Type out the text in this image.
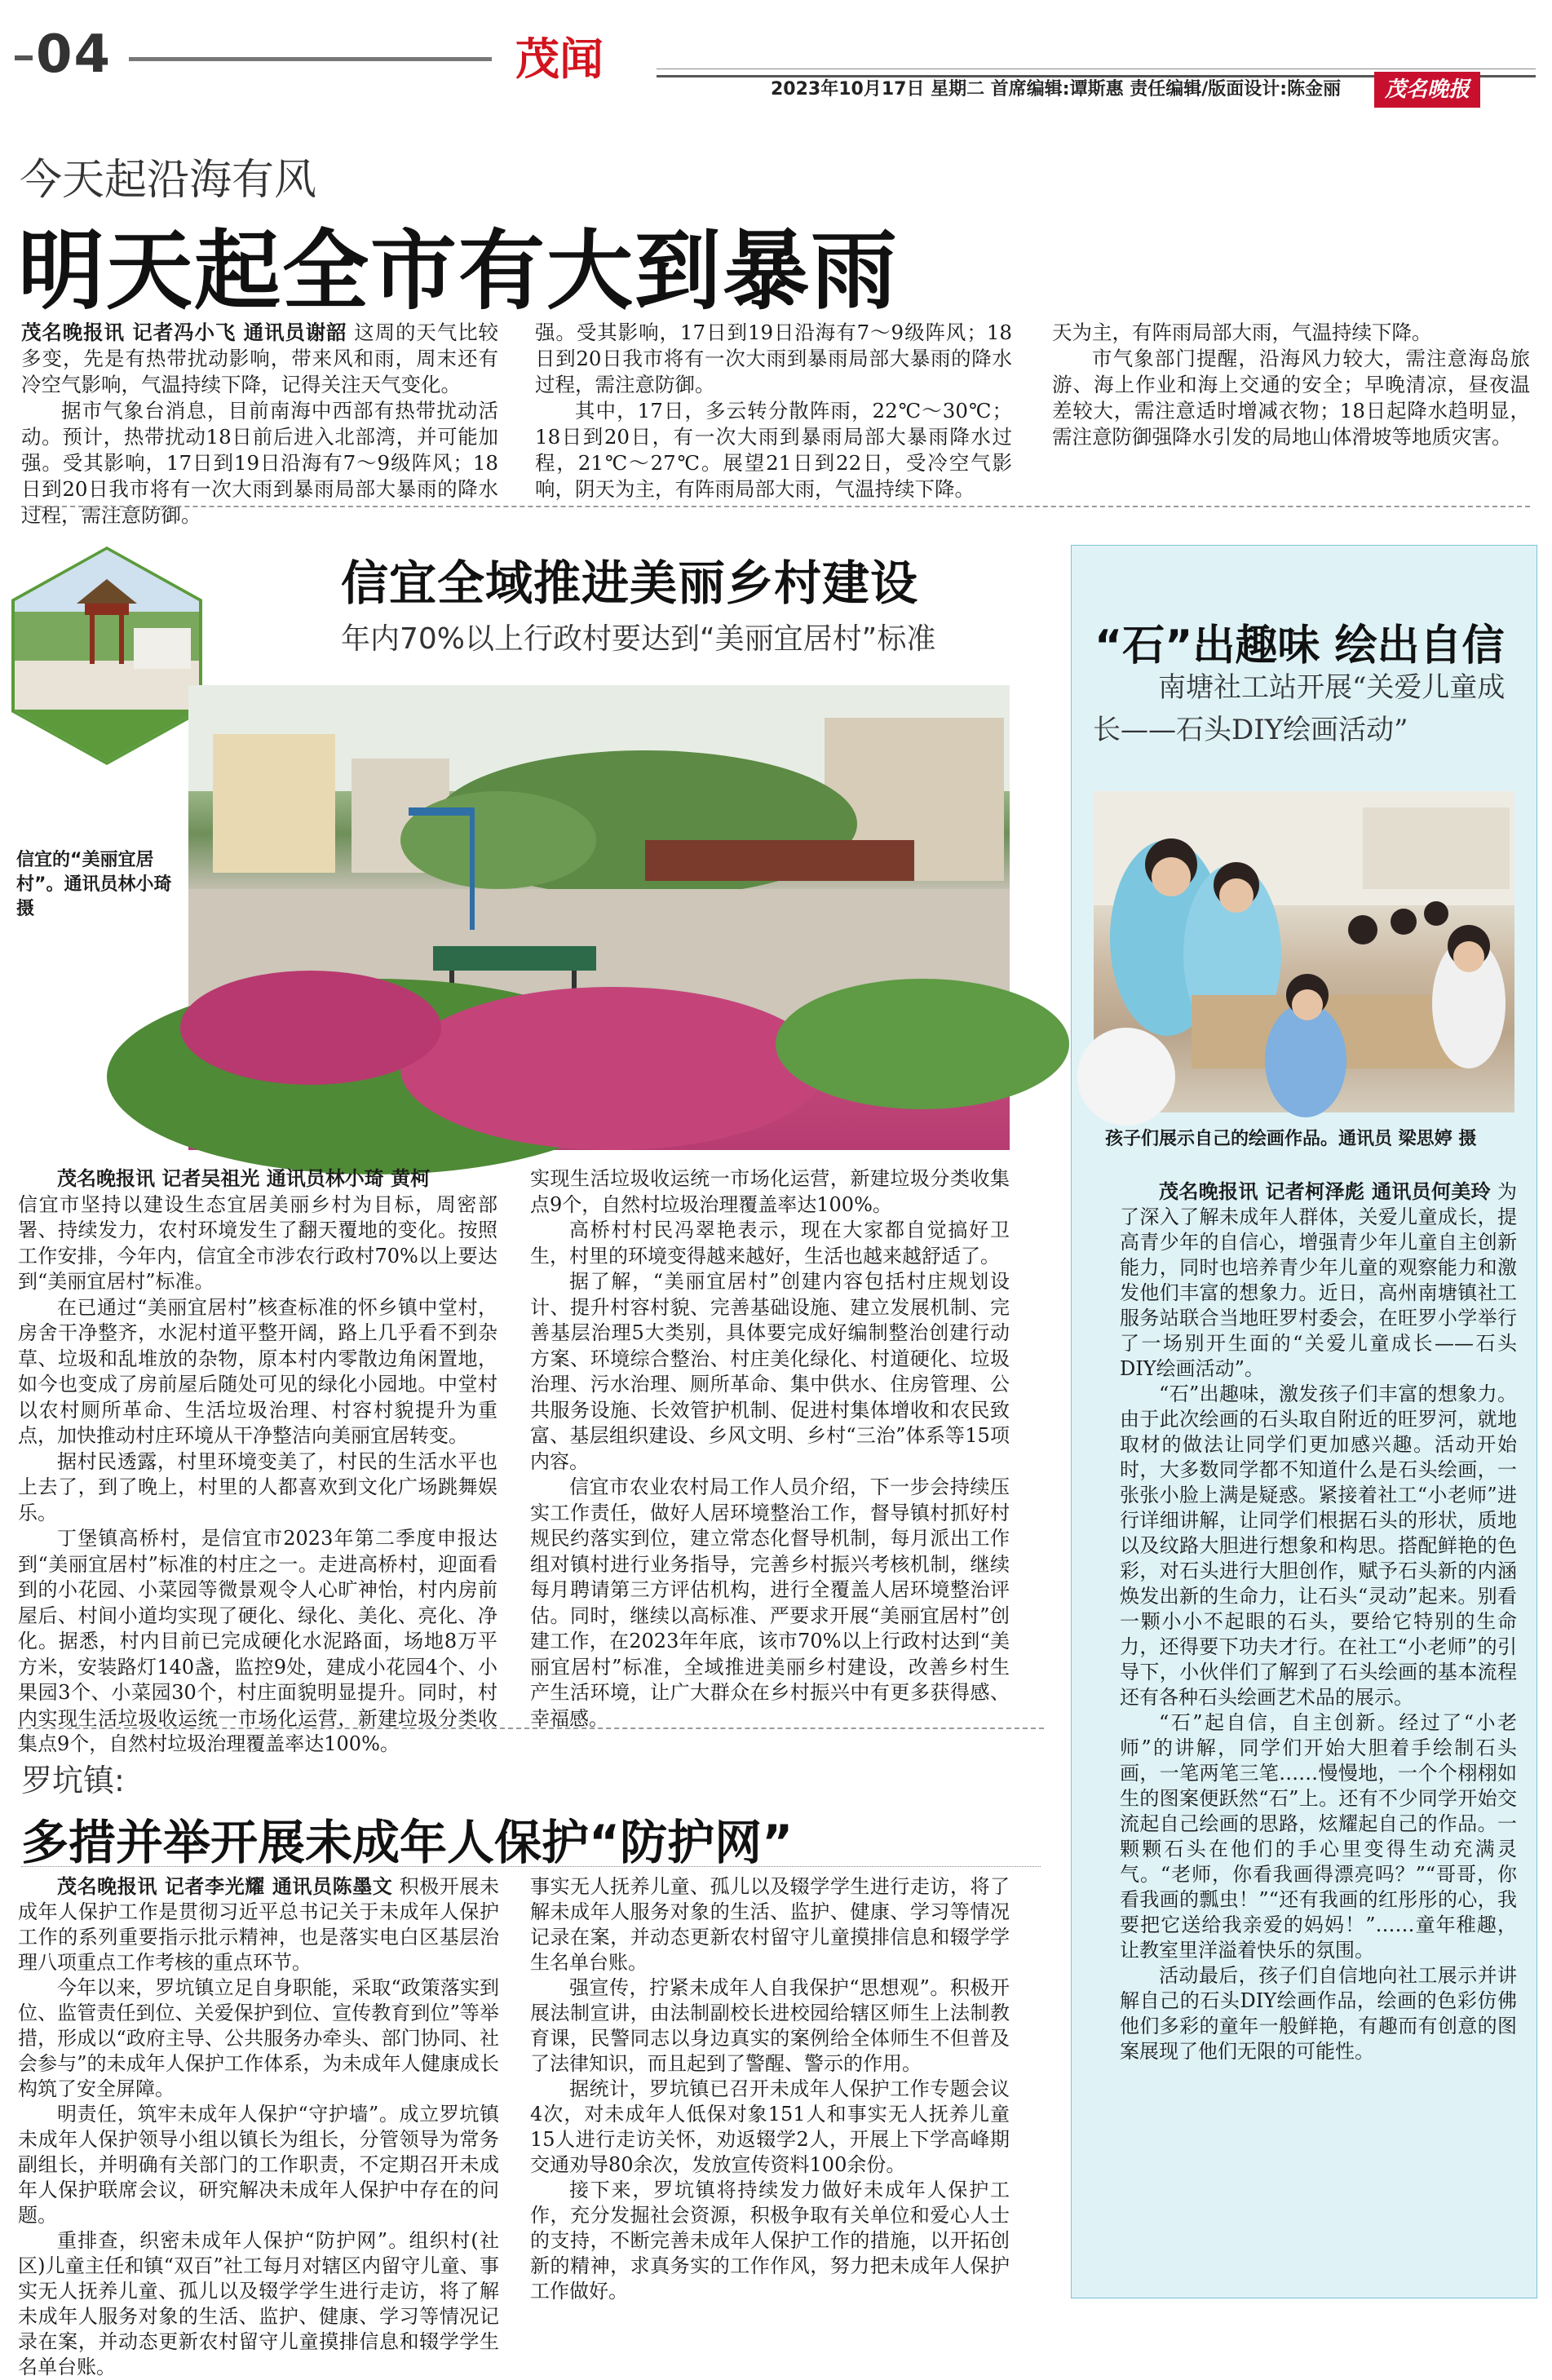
04	茂闻
2023年10月17日 星期二 首席编辑:谭斯惠 责任编辑/版面设计:陈金丽	茂名晚报
今天起沿海有风
明天起全市有大到暴雨

茂名晚报讯 记者冯小飞 通讯员谢韶 这周的天气比较多变，先是有热带扰动影响，带来风和雨，周末还有冷空气影响，气温持续下降，记得关注天气变化。

据市气象台消息，目前南海中西部有热带扰动活动。预计，热带扰动18日前后进入北部湾，并可能加强。受其影响，17日到19日沿海有7～9级阵风；18日到20日我市将有一次大雨到暴雨局部大暴雨的降水过程，需注意防御。

强。受其影响，17日到19日沿海有7～9级阵风；18日到20日我市将有一次大雨到暴雨局部大暴雨的降水过程，需注意防御。

其中，17日，多云转分散阵雨，22℃～30℃；18日到20日，有一次大雨到暴雨局部大暴雨降水过程，21℃～27℃。展望21日到22日，受冷空气影响，阴天为主，有阵雨局部大雨，气温持续下降。

天为主，有阵雨局部大雨，气温持续下降。

市气象部门提醒，沿海风力较大，需注意海岛旅游、海上作业和海上交通的安全；早晚清凉，昼夜温差较大，需注意适时增减衣物；18日起降水趋明显，需注意防御强降水引发的局地山体滑坡等地质灾害。

信宜全域推进美丽乡村建设
年内70%以上行政村要达到“美丽宜居村”标准
信宜的“美丽宜居村”。通讯员林小琦 摄

茂名晚报讯 记者吴祖光 通讯员林小琦 黄柯

信宜市坚持以建设生态宜居美丽乡村为目标，周密部署、持续发力，农村环境发生了翻天覆地的变化。按照工作安排，今年内，信宜全市涉农行政村70%以上要达到“美丽宜居村”标准。

在已通过“美丽宜居村”核查标准的怀乡镇中堂村，房舍干净整齐，水泥村道平整开阔，路上几乎看不到杂草、垃圾和乱堆放的杂物，原本村内零散边角闲置地，如今也变成了房前屋后随处可见的绿化小园地。中堂村以农村厕所革命、生活垃圾治理、村容村貌提升为重点，加快推动村庄环境从干净整洁向美丽宜居转变。

据村民透露，村里环境变美了，村民的生活水平也上去了，到了晚上，村里的人都喜欢到文化广场跳舞娱乐。

丁堡镇高桥村，是信宜市2023年第二季度申报达到“美丽宜居村”标准的村庄之一。走进高桥村，迎面看到的小花园、小菜园等微景观令人心旷神怡，村内房前屋后、村间小道均实现了硬化、绿化、美化、亮化、净化。据悉，村内目前已完成硬化水泥路面，场地8万平方米，安装路灯140盏，监控9处，建成小花园4个、小果园3个、小菜园30个，村庄面貌明显提升。同时，村内实现生活垃圾收运统一市场化运营，新建垃圾分类收集点9个，自然村垃圾治理覆盖率达100%。

实现生活垃圾收运统一市场化运营，新建垃圾分类收集点9个，自然村垃圾治理覆盖率达100%。

高桥村村民冯翠艳表示，现在大家都自觉搞好卫生，村里的环境变得越来越好，生活也越来越舒适了。

据了解，“美丽宜居村”创建内容包括村庄规划设计、提升村容村貌、完善基础设施、建立发展机制、完善基层治理5大类别，具体要完成好编制整治创建行动方案、环境综合整治、村庄美化绿化、村道硬化、垃圾治理、污水治理、厕所革命、集中供水、住房管理、公共服务设施、长效管护机制、促进村集体增收和农民致富、基层组织建设、乡风文明、乡村“三治”体系等15项内容。

信宜市农业农村局工作人员介绍，下一步会持续压实工作责任，做好人居环境整治工作，督导镇村抓好村规民约落实到位，建立常态化督导机制，每月派出工作组对镇村进行业务指导，完善乡村振兴考核机制，继续每月聘请第三方评估机构，进行全覆盖人居环境整治评估。同时，继续以高标准、严要求开展“美丽宜居村”创建工作，在2023年年底，该市70%以上行政村达到“美丽宜居村”标准，全域推进美丽乡村建设，改善乡村生产生活环境，让广大群众在乡村振兴中有更多获得感、幸福感。

罗坑镇:
多措并举开展未成年人保护“防护网”

茂名晚报讯 记者李光耀 通讯员陈墨文 积极开展未成年人保护工作是贯彻习近平总书记关于未成年人保护工作的系列重要指示批示精神，也是落实电白区基层治理八项重点工作考核的重点环节。

今年以来，罗坑镇立足自身职能，采取“政策落实到位、监管责任到位、关爱保护到位、宣传教育到位”等举措，形成以“政府主导、公共服务办牵头、部门协同、社会参与”的未成年人保护工作体系，为未成年人健康成长构筑了安全屏障。

明责任，筑牢未成年人保护“守护墙”。成立罗坑镇未成年人保护领导小组以镇长为组长，分管领导为常务副组长，并明确有关部门的工作职责，不定期召开未成年人保护联席会议，研究解决未成年人保护中存在的问题。

重排查，织密未成年人保护“防护网”。组织村(社区)儿童主任和镇“双百”社工每月对辖区内留守儿童、事实无人抚养儿童、孤儿以及辍学学生进行走访，将了解未成年人服务对象的生活、监护、健康、学习等情况记录在案，并动态更新农村留守儿童摸排信息和辍学学生名单台账。

事实无人抚养儿童、孤儿以及辍学学生进行走访，将了解未成年人服务对象的生活、监护、健康、学习等情况记录在案，并动态更新农村留守儿童摸排信息和辍学学生名单台账。

强宣传，拧紧未成年人自我保护“思想观”。积极开展法制宣讲，由法制副校长进校园给辖区师生上法制教育课，民警同志以身边真实的案例给全体师生不但普及了法律知识，而且起到了警醒、警示的作用。

据统计，罗坑镇已召开未成年人保护工作专题会议4次，对未成年人低保对象151人和事实无人抚养儿童15人进行走访关怀，劝返辍学2人，开展上下学高峰期交通劝导80余次，发放宣传资料100余份。

接下来，罗坑镇将持续发力做好未成年人保护工作，充分发掘社会资源，积极争取有关单位和爱心人士的支持，不断完善未成年人保护工作的措施，以开拓创新的精神，求真务实的工作作风，努力把未成年人保护工作做好。

“石”出趣味 绘出自信
南塘社工站开展“关爱儿童成长——石头DIY绘画活动”
孩子们展示自己的绘画作品。通讯员 梁思婷 摄

茂名晚报讯 记者柯泽彪 通讯员何美玲 为了深入了解未成年人群体，关爱儿童成长，提高青少年的自信心，增强青少年儿童自主创新能力，同时也培养青少年儿童的观察能力和激发他们丰富的想象力。近日，高州南塘镇社工服务站联合当地旺罗村委会，在旺罗小学举行了一场别开生面的“关爱儿童成长——石头DIY绘画活动”。

“石”出趣味，激发孩子们丰富的想象力。由于此次绘画的石头取自附近的旺罗河，就地取材的做法让同学们更加感兴趣。活动开始时，大多数同学都不知道什么是石头绘画，一张张小脸上满是疑惑。紧接着社工“小老师”进行详细讲解，让同学们根据石头的形状，质地以及纹路大胆进行想象和构思。搭配鲜艳的色彩，对石头进行大胆创作，赋予石头新的内涵焕发出新的生命力，让石头“灵动”起来。别看一颗小小不起眼的石头，要给它特别的生命力，还得要下功夫才行。在社工“小老师”的引导下，小伙伴们了解到了石头绘画的基本流程还有各种石头绘画艺术品的展示。

“石”起自信，自主创新。经过了“小老师”的讲解，同学们开始大胆着手绘制石头画，一笔两笔三笔……慢慢地，一个个栩栩如生的图案便跃然“石”上。还有不少同学开始交流起自己绘画的思路，炫耀起自己的作品。一颗颗石头在他们的手心里变得生动充满灵气。“老师，你看我画得漂亮吗？”“哥哥，你看我画的瓢虫！”“还有我画的红彤彤的心，我要把它送给我亲爱的妈妈！”……童年稚趣，让教室里洋溢着快乐的氛围。

活动最后，孩子们自信地向社工展示并讲解自己的石头DIY绘画作品，绘画的色彩仿佛他们多彩的童年一般鲜艳，有趣而有创意的图案展现了他们无限的可能性。
